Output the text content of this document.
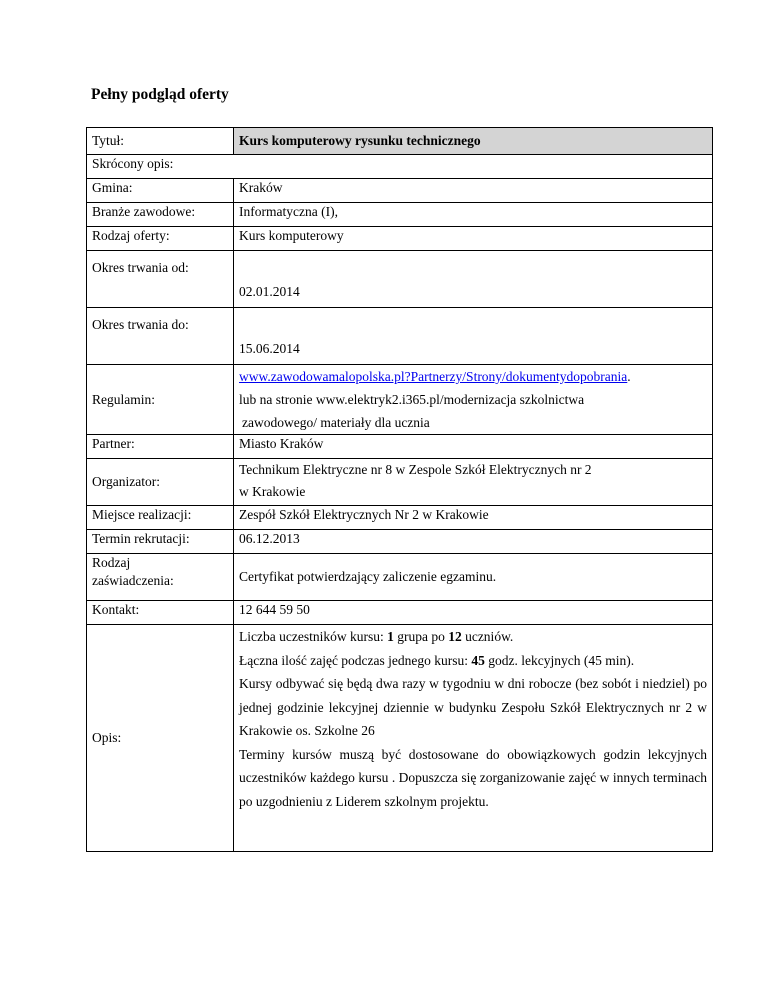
Pełny podgląd oferty
Tytuł:	Kurs komputerowy rysunku technicznego
Skrócony opis:	
Gmina:	Kraków
Branże zawodowe:	Informatyczna (I),
Rodzaj oferty:	Kurs komputerowy
Okres trwania od:	02.01.2014
Okres trwania do:	15.06.2014
Regulamin:	www.zawodowamalopolska.pl?Partnerzy/Strony/dokumentydopobrania.
lub na stronie www.elektryk2.i365.pl/modernizacja szkolnictwa
zawodowego/ materiały dla ucznia

Partner:	Miasto Kraków
Organizator:	Technikum Elektryczne nr 8 w Zespole Szkół Elektrycznych nr 2
w Krakowie

Miejsce realizacji:	Zespół Szkół Elektrycznych Nr 2 w Krakowie
Termin rekrutacji:	06.12.2013

Rodzaj
zaświadczenia:	Certyfikat potwierdzający zaliczenie egzaminu.
Kontakt:	12 644 59 50
Opis:	Liczba uczestników kursu: 1 grupa po 12 uczniów.

Łączna ilość zajęć podczas jednego kursu: 45 godz. lekcyjnych (45 min).

Kursy odbywać się będą dwa razy w tygodniu w dni robocze (bez sobót i niedziel) po jednej godzinie lekcyjnej dziennie w budynku Zespołu Szkół Elektrycznych nr 2 w Krakowie os. Szkolne 26

Terminy kursów muszą być dostosowane do obowiązkowych godzin lekcyjnych uczestników każdego kursu . Dopuszcza się zorganizowanie zajęć w innych terminach po uzgodnieniu z Liderem szkolnym projektu.
